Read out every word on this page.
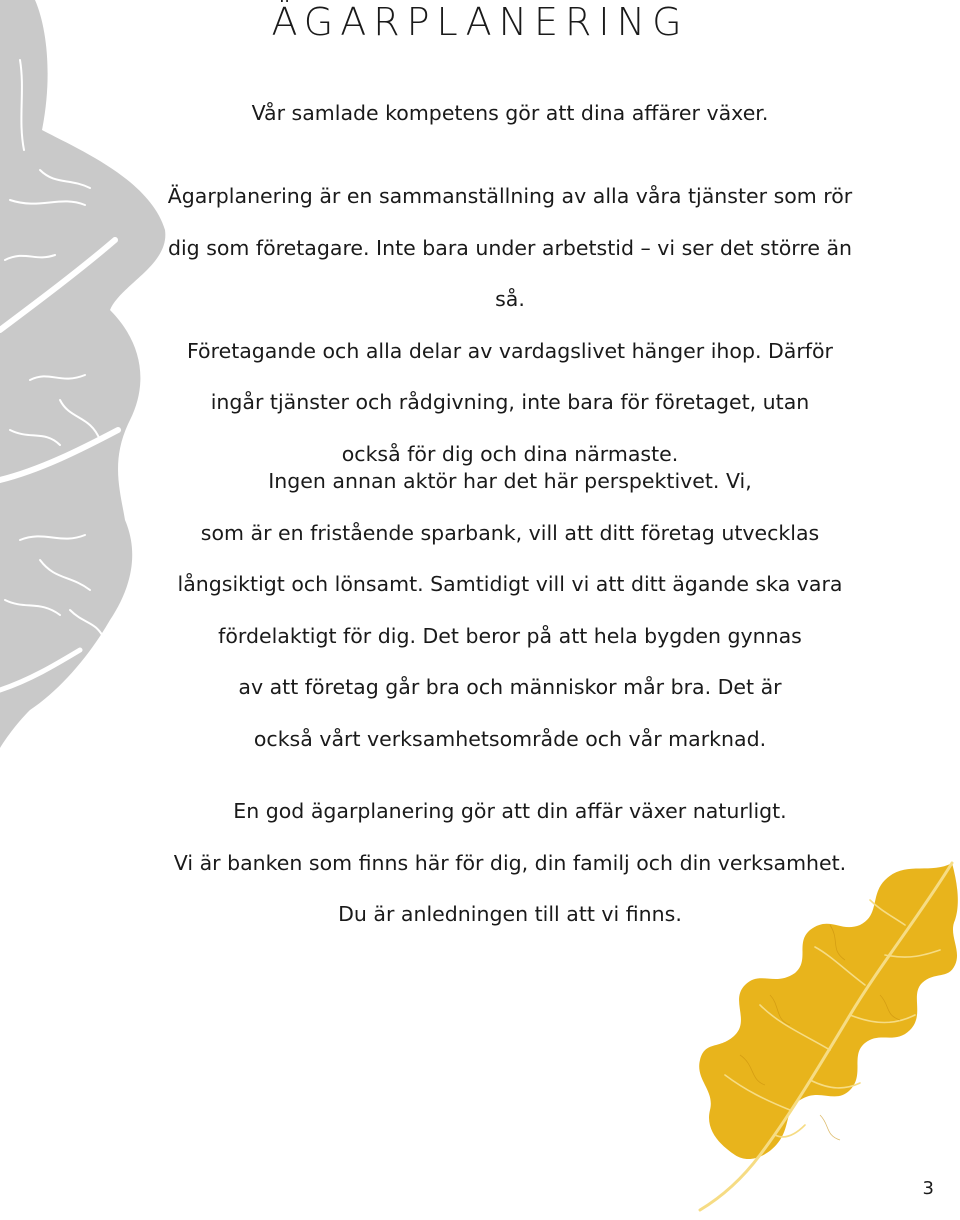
ÄGARPLANERING

Vår samlade kompetens gör att dina affärer växer.

Ägarplanering är en sammanställning av alla våra tjänster som rör
dig som företagare. Inte bara under arbetstid – vi ser det större än så.
Företagande och alla delar av vardagslivet hänger ihop. Därför
ingår tjänster och rådgivning, inte bara för företaget, utan
också för dig och dina närmaste.

Ingen annan aktör har det här perspektivet. Vi,
som är en fristående sparbank, vill att ditt företag utvecklas
långsiktigt och lönsamt. Samtidigt vill vi att ditt ägande ska vara
fördelaktigt för dig. Det beror på att hela bygden gynnas
av att företag går bra och människor mår bra. Det är
också vårt verksamhetsområde och vår marknad.

En god ägarplanering gör att din affär växer naturligt.
Vi är banken som finns här för dig, din familj och din verksamhet.
Du är anledningen till att vi finns.

3
